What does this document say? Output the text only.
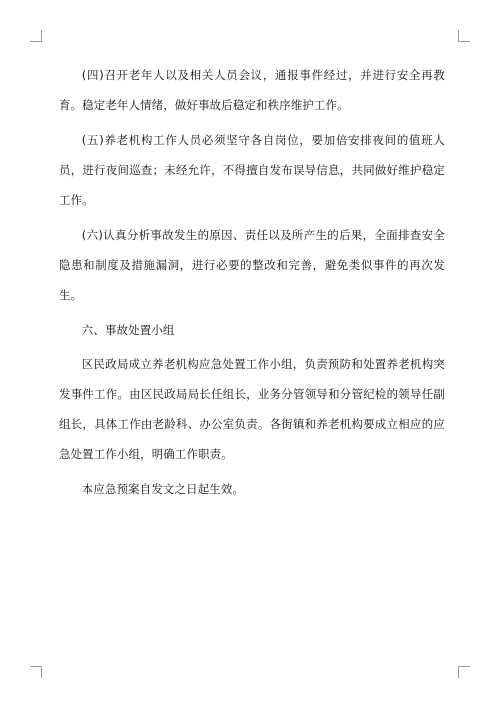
(四)召开老年人以及相关人员会议，通报事件经过，并进行安全再教育。稳定老年人情绪，做好事故后稳定和秩序维护工作。

(五)养老机构工作人员必须坚守各自岗位，要加倍安排夜间的值班人员，进行夜间巡查；未经允许，不得擅自发布误导信息，共同做好维护稳定工作。

(六)认真分析事故发生的原因、责任以及所产生的后果，全面排查安全隐患和制度及措施漏洞，进行必要的整改和完善，避免类似事件的再次发生。

六、事故处置小组

区民政局成立养老机构应急处置工作小组，负责预防和处置养老机构突发事件工作。由区民政局局长任组长，业务分管领导和分管纪检的领导任副组长，具体工作由老龄科、办公室负责。各街镇和养老机构要成立相应的应急处置工作小组，明确工作职责。

本应急预案自发文之日起生效。
